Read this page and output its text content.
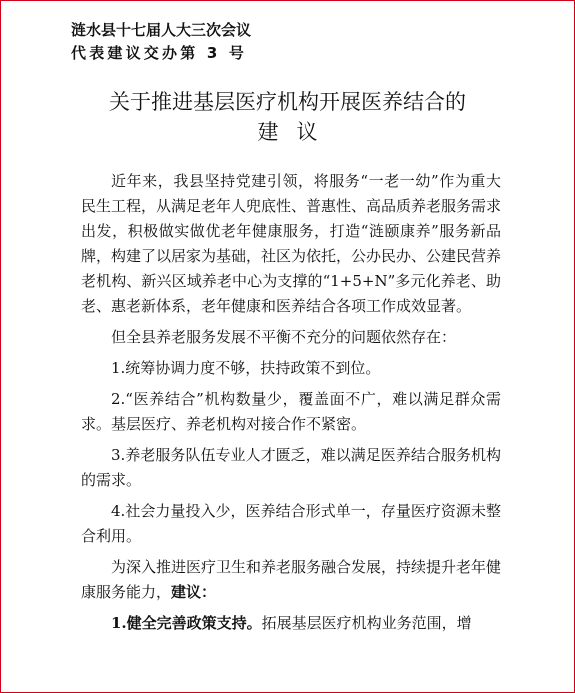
涟水县十七届人大三次会议
代表建议交办第 3 号
关于推进基层医疗机构开展医养结合的
建议

近年来，我县坚持党建引领，将服务“一老一幼”作为重大民生工程，从满足老年人兜底性、普惠性、高品质养老服务需求出发，积极做实做优老年健康服务，打造“涟颐康养”服务新品牌，构建了以居家为基础，社区为依托，公办民办、公建民营养老机构、新兴区域养老中心为支撑的“1+5+N”多元化养老、助老、惠老新体系，老年健康和医养结合各项工作成效显著。

但全县养老服务发展不平衡不充分的问题依然存在：

1.统筹协调力度不够，扶持政策不到位。

2.“医养结合”机构数量少，覆盖面不广，难以满足群众需求。基层医疗、养老机构对接合作不紧密。

3.养老服务队伍专业人才匮乏，难以满足医养结合服务机构的需求。

4.社会力量投入少，医养结合形式单一，存量医疗资源未整合利用。

为深入推进医疗卫生和养老服务融合发展，持续提升老年健康服务能力，建议：

1.健全完善政策支持。拓展基层医疗机构业务范围，增
